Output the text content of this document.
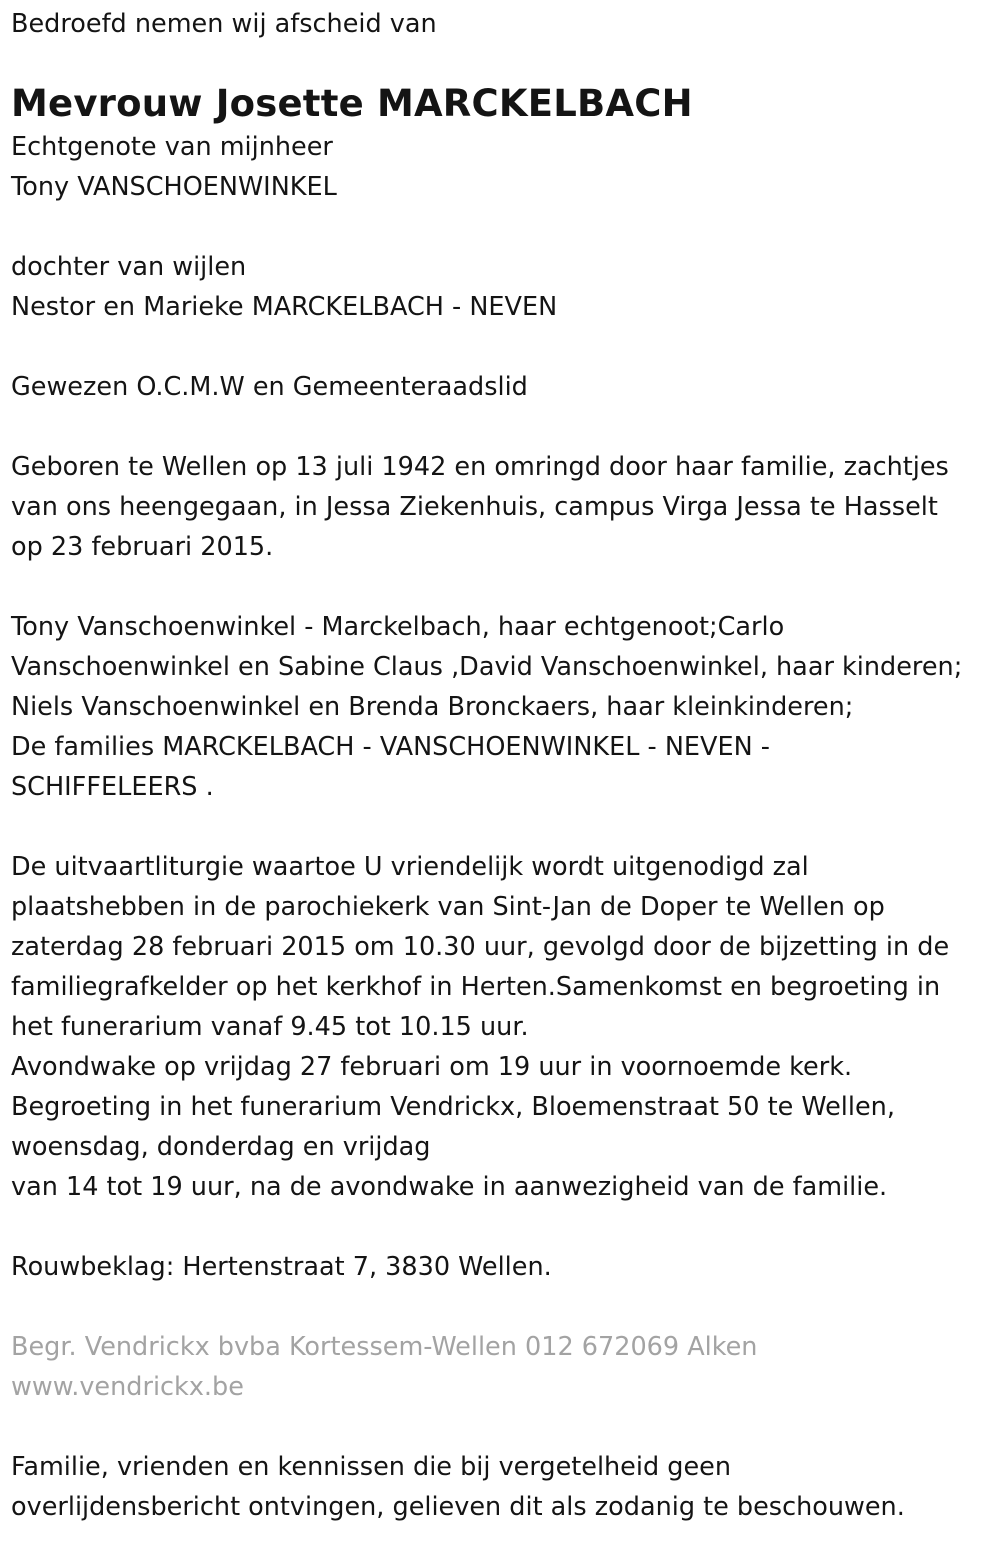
Bedroefd nemen wij afscheid van
Mevrouw Josette MARCKELBACH
Echtgenote van mijnheer
Tony VANSCHOENWINKEL
dochter van wijlen
Nestor en Marieke MARCKELBACH - NEVEN
Gewezen O.C.M.W en Gemeenteraadslid
Geboren te Wellen op 13 juli 1942 en omringd door haar familie, zachtjes
van ons heengegaan, in Jessa Ziekenhuis, campus Virga Jessa te Hasselt
op 23 februari 2015.
Tony Vanschoenwinkel - Marckelbach, haar echtgenoot;Carlo
Vanschoenwinkel en Sabine Claus ,David Vanschoenwinkel, haar kinderen;
Niels Vanschoenwinkel en Brenda Bronckaers, haar kleinkinderen;
De families MARCKELBACH - VANSCHOENWINKEL - NEVEN -
SCHIFFELEERS .
De uitvaartliturgie waartoe U vriendelijk wordt uitgenodigd zal
plaatshebben in de parochiekerk van Sint-Jan de Doper te Wellen op
zaterdag 28 februari 2015 om 10.30 uur, gevolgd door de bijzetting in de
familiegrafkelder op het kerkhof in Herten.Samenkomst en begroeting in
het funerarium vanaf 9.45 tot 10.15 uur.
Avondwake op vrijdag 27 februari om 19 uur in voornoemde kerk.
Begroeting in het funerarium Vendrickx, Bloemenstraat 50 te Wellen,
woensdag, donderdag en vrijdag
van 14 tot 19 uur, na de avondwake in aanwezigheid van de familie.
Rouwbeklag: Hertenstraat 7, 3830 Wellen.
Begr. Vendrickx bvba Kortessem-Wellen 012 672069 Alken
www.vendrickx.be
Familie, vrienden en kennissen die bij vergetelheid geen
overlijdensbericht ontvingen, gelieven dit als zodanig te beschouwen.
